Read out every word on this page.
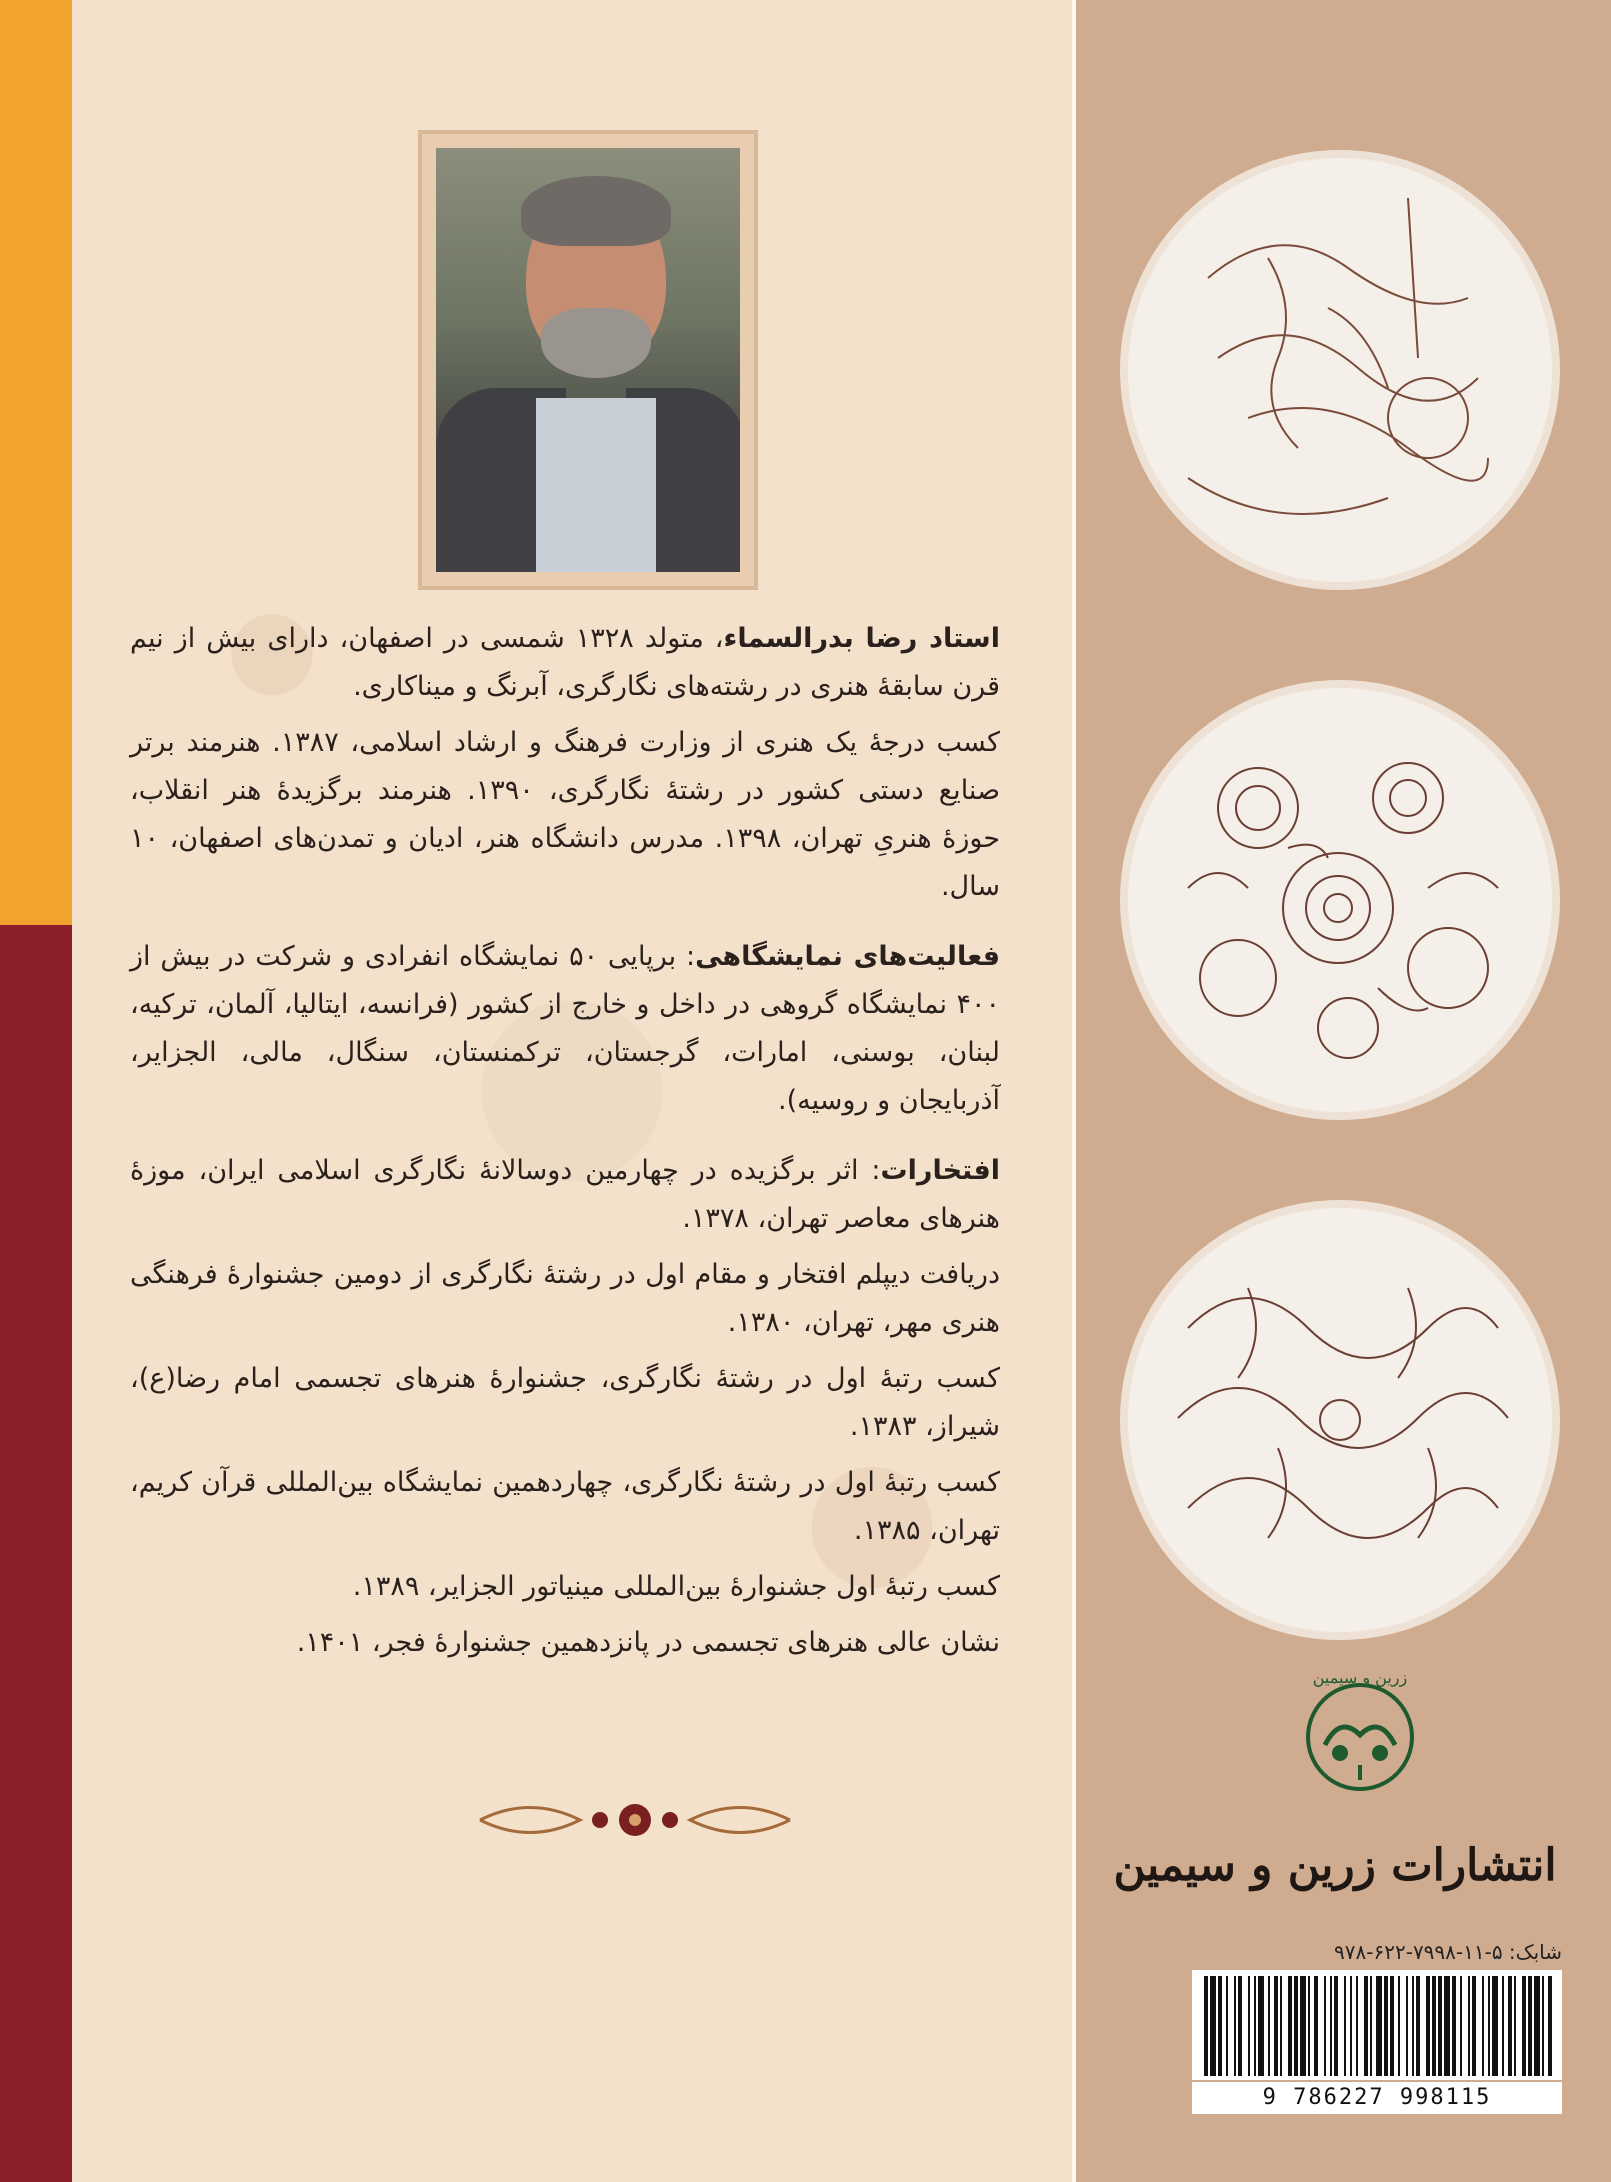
استاد رضا بدرالسماء، متولد ۱۳۲۸ شمسی در اصفهان، دارای بیش از نیم قرن سابقهٔ هنری در رشته‌های نگارگری، آبرنگ و میناکاری.

کسب درجهٔ یک هنری از وزارت فرهنگ و ارشاد اسلامی، ۱۳۸۷. هنرمند برتر صنایع دستی کشور در رشتهٔ نگارگری، ۱۳۹۰. هنرمند برگزیدهٔ هنر انقلاب، حوزهٔ هنریِ تهران، ۱۳۹۸. مدرس دانشگاه هنر، ادیان و تمدن‌های اصفهان، ۱۰ سال.

فعالیت‌های نمایشگاهی: برپایی ۵۰ نمایشگاه انفرادی و شرکت در بیش از ۴۰۰ نمایشگاه گروهی در داخل و خارج از کشور (فرانسه، ایتالیا، آلمان، ترکیه، لبنان، بوسنی، امارات، گرجستان، ترکمنستان، سنگال، مالی، الجزایر، آذربایجان و روسیه).

افتخارات: اثر برگزیده در چهارمین دوسالانهٔ نگارگری اسلامی ایران، موزهٔ هنرهای معاصر تهران، ۱۳۷۸.

دریافت دیپلم افتخار و مقام اول در رشتهٔ نگارگری از دومین جشنوارهٔ فرهنگی هنری مهر، تهران، ۱۳۸۰.

کسب رتبهٔ اول در رشتهٔ نگارگری، جشنوارهٔ هنرهای تجسمی امام رضا(ع)، شیراز، ۱۳۸۳.

کسب رتبهٔ اول در رشتهٔ نگارگری، چهاردهمین نمایشگاه بین‌المللی قرآن کریم، تهران، ۱۳۸۵.

کسب رتبهٔ اول جشنوارهٔ بین‌المللی مینیاتور الجزایر، ۱۳۸۹.

نشان عالی هنرهای تجسمی در پانزدهمین جشنوارهٔ فجر، ۱۴۰۱.

زرین و سیمین
انتشارات زرین و سیمین
شابک: ۵-۱۱-۷۹۹۸-۶۲۲-۹۷۸
9 786227 998115
